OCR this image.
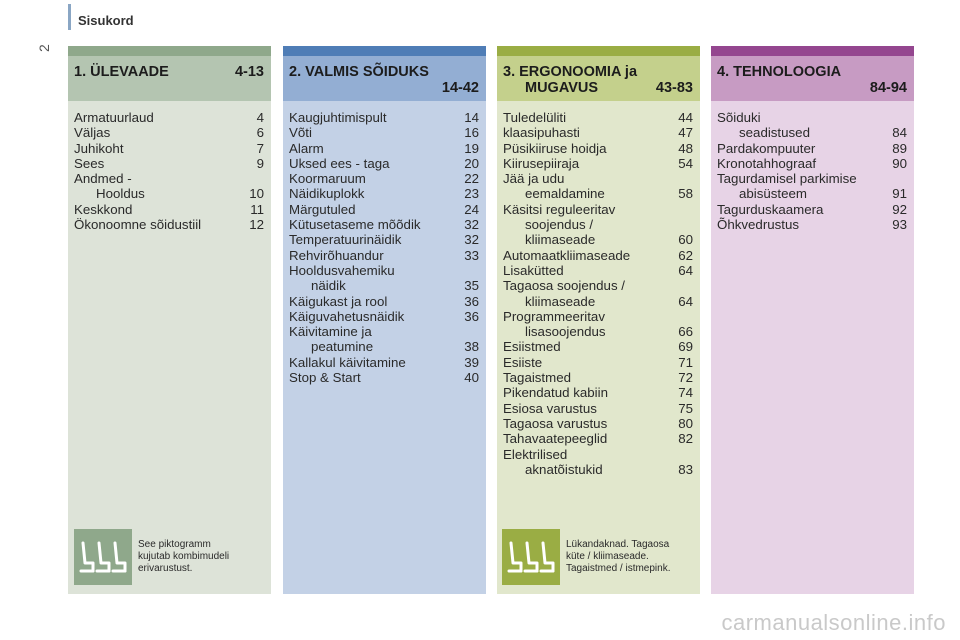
2
Sisukord
1. ÜLEVAADE	4-13
Armatuurlaud	4
Väljas	6
Juhikoht	7
Sees	9
Andmed -
Hooldus	10
Keskkond	11
Ökonoomne sõidustiil	12
2. VALMIS SÕIDUKS
14-42
Kaugjuhtimispult	14
Võti	16
Alarm	19
Uksed ees - taga	20
Koormaruum	22
Näidikuplokk	23
Märgutuled	24
Kütusetaseme mõõdik	32
Temperatuurinäidik	32
Rehvirõhuandur	33
Hooldusvahemiku
näidik	35
Käigukast ja rool	36
Käiguvahetusnäidik	36
Käivitamine ja
peatumine	38
Kallakul käivitamine	39
Stop & Start	40
3. ERGONOOMIA ja
MUGAVUS	43-83
Tuledelüliti	44
klaasipuhasti	47
Püsikiiruse hoidja	48
Kiirusepiiraja	54
Jää ja udu
eemaldamine	58
Käsitsi reguleeritav
soojendus /
kliimaseade	60
Automaatkliimaseade	62
Lisakütted	64
Tagaosa soojendus /
kliimaseade	64
Programmeeritav
lisasoojendus	66
Esiistmed	69
Esiiste	71
Tagaistmed	72
Pikendatud kabiin	74
Esiosa varustus	75
Tagaosa varustus	80
Tahavaatepeeglid	82
Elektrilised
aknatõistukid	83
4. TEHNOLOOGIA
84-94
Sõiduki
seadistused	84
Pardakompuuter	89
Kronotahhograaf	90
Tagurdamisel parkimise
abisüsteem	91
Tagurduskaamera	92
Õhkvedrustus	93
See piktogramm
kujutab kombimudeli
erivarustust.
Lükandaknad. Tagaosa
küte / kliimaseade.
Tagaistmed / istmepink.
carmanualsonline.info
